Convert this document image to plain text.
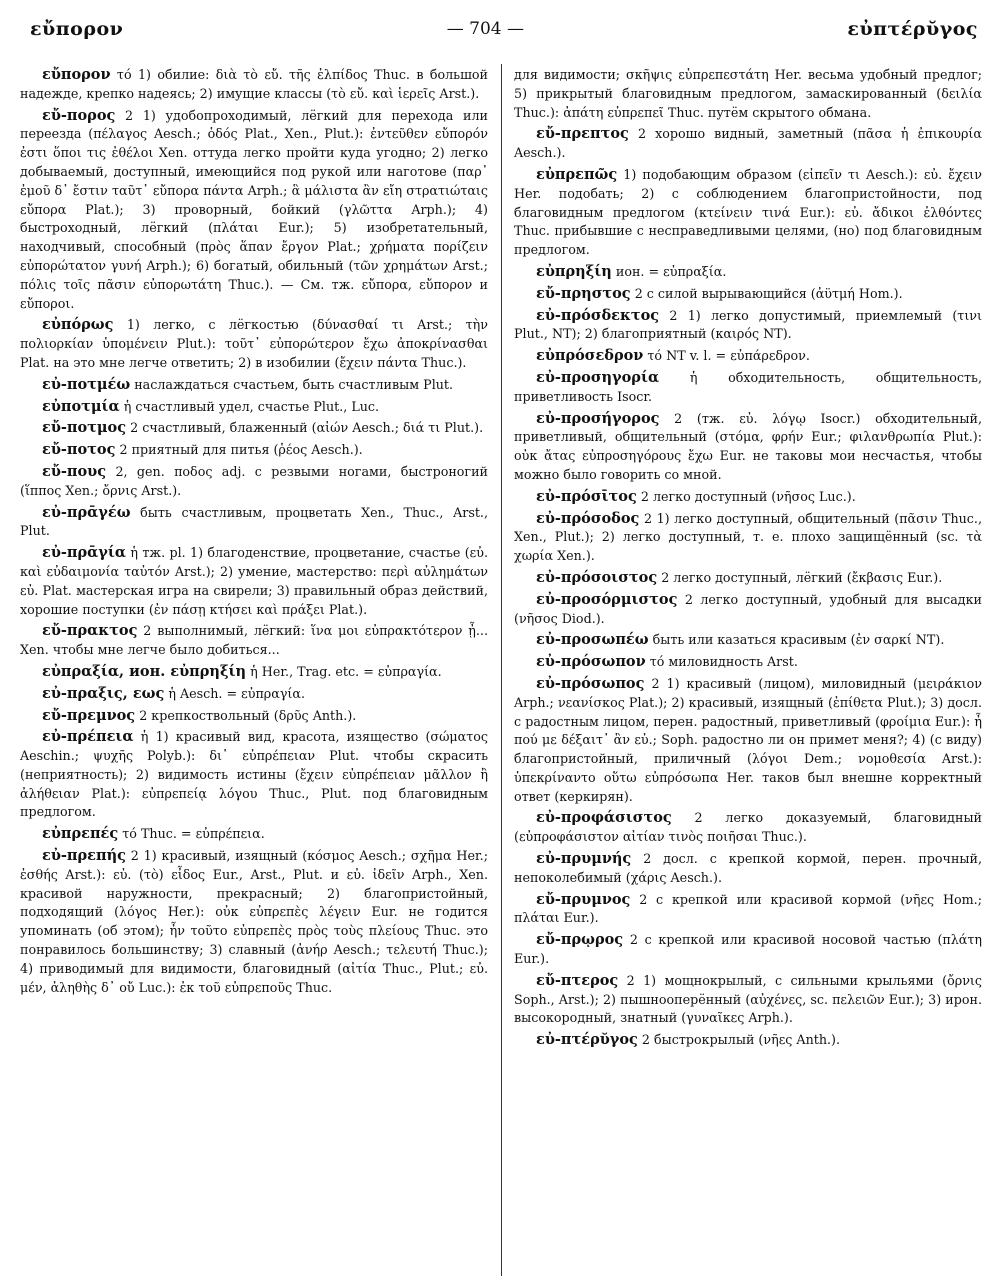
εὔπορον	— 704 —	εὐπτέρῠγος

εὔπορον τό 1) обилие: διὰ τὸ εὔ. τῆς ἐλπίδος Thuc. в большой надежде, крепко надеясь; 2) имущие классы (τὸ εὔ. καὶ ἱερεῖς Arst.).

εὔ-πορος 2 1) удобопроходимый, лёгкий для перехода или переезда (πέλαγος Aesch.; ὁδός Plat., Xen., Plut.): ἐντεῦθεν εὔπορόν ἐστι ὅποι τις ἐθέλοι Xen. оттуда легко пройти куда угодно; 2) легко добываемый, доступный, имеющийся под рукой или наготове (παρ᾽ ἐμοῦ δ᾽ ἔστιν ταῦτ᾽ εὔπορα πάντα Arph.; ἃ μάλιστα ἂν εἴη στρατιώταις εὔπορα Plat.); 3) проворный, бойкий (γλῶττα Arph.); 4) быстроходный, лёгкий (πλάται Eur.); 5) изобретательный, находчивый, способный (πρὸς ἅπαν ἔργον Plat.; χρήματα πορίζειν εὐπορώτατον γυνή Arph.); 6) богатый, обильный (τῶν χρημάτων Arst.; πόλις τοῖς πᾶσιν εὐπορωτάτη Thuc.). — См. тж. εὔπορα, εὔπορον и εὔποροι.

εὐπόρως 1) легко, с лёгкостью (δύνασθαί τι Arst.; τὴν πολιορκίαν ὑπομένειν Plut.): τοῦτ᾽ εὐπορώτερον ἔχω ἀποκρίνασθαι Plat. на это мне легче ответить; 2) в изобилии (ἔχειν πάντα Thuc.).

εὐ-ποτμέω наслаждаться счастьем, быть счастливым Plut.

εὐποτμία ἡ счастливый удел, счастье Plut., Luc.

εὔ-ποτμος 2 счастливый, блаженный (αἰών Aesch.; διά τι Plut.).

εὔ-ποτος 2 приятный для питья (ῥέος Aesch.).

εὔ-πους 2, gen. ποδος adj. с резвыми ногами, быстроногий (ἵππος Xen.; ὄρνις Arst.).

εὐ-πρᾱγέω быть счастливым, процветать Xen., Thuc., Arst., Plut.

εὐ-πρᾱγία ἡ тж. pl. 1) благоденствие, процветание, счастье (εὐ. καὶ εὐδαιμονία ταὐτόν Arst.); 2) умение, мастерство: περὶ αὐλημάτων εὐ. Plat. мастерская игра на свирели; 3) правильный образ действий, хорошие поступки (ἐν πάσῃ κτήσει καὶ πράξει Plat.).

εὔ-πρακτος 2 выполнимый, лёгкий: ἵνα μοι εὐπρακτότερον ᾖ... Xen. чтобы мне легче было добиться...

εὐπραξία, ион. εὐπρηξίη ἡ Her., Trag. etc. = εὐπραγία.

εὐ-πραξις, εως ἡ Aesch. = εὐπραγία.

εὔ-πρεμνος 2 крепкоствольный (δρῦς Anth.).

εὐ-πρέπεια ἡ 1) красивый вид, красота, изящество (σώματος Aeschin.; ψυχῆς Polyb.): δι᾽ εὐπρέπειαν Plut. чтобы скрасить (неприятность); 2) видимость истины (ἔχειν εὐπρέπειαν μᾶλλον ἢ ἀλήθειαν Plat.): εὐπρεπείᾳ λόγου Thuc., Plut. под благовидным предлогом.

εὐπρεπές τό Thuc. = εὐπρέπεια.

εὐ-πρεπής 2 1) красивый, изящный (κόσμος Aesch.; σχῆμα Her.; ἐσθής Arst.): εὐ. (τὸ) εἶδος Eur., Arst., Plut. и εὐ. ἰδεῖν Arph., Xen. красивой наружности, прекрасный; 2) благопристойный, подходящий (λόγος Her.): οὐκ εὐπρεπὲς λέγειν Eur. не годится упоминать (об этом); ἦν τοῦτο εὐπρεπὲς πρὸς τοὺς πλείους Thuc. это понравилось большинству; 3) славный (ἀνήρ Aesch.; τελευτή Thuc.); 4) приводимый для видимости, благовидный (αἰτία Thuc., Plut.; εὐ. μέν, ἀληθὴς δ᾽ οὔ Luc.): ἐκ τοῦ εὐπρεποῦς Thuc.

для видимости; σκῆψις εὐπρεπεστάτη Her. весьма удобный предлог; 5) прикрытый благовидным предлогом, замаскированный (δειλία Thuc.): ἀπάτη εὐπρεπεῖ Thuc. путём скрытого обмана.

εὔ-πρεπτος 2 хорошо видный, заметный (πᾶσα ἡ ἐπικουρία Aesch.).

εὐπρεπῶς 1) подобающим образом (εἰπεῖν τι Aesch.): εὐ. ἔχειν Her. подобать; 2) с соблюдением благопристойности, под благовидным предлогом (κτείνειν τινά Eur.): εὐ. ἄδικοι ἐλθόντες Thuc. прибывшие с несправедливыми целями, (но) под благовидным предлогом.

εὐπρηξίη ион. = εὐπραξία.

εὔ-πρηστος 2 с силой вырывающийся (ἀϋτμή Hom.).

εὐ-πρόσδεκτος 2 1) легко допустимый, приемлемый (τινι Plut., NT); 2) благоприятный (καιρός NT).

εὐπρόσεδρον τό NT v. l. = εὐπάρεδρον.

εὐ-προσηγορία ἡ обходительность, общительность, приветливость Isocr.

εὐ-προσήγορος 2 (тж. εὐ. λόγῳ Isocr.) обходительный, приветливый, общительный (στόμα, φρήν Eur.; φιλανθρωπία Plut.): οὐκ ἄτας εὐπροσηγόρους ἔχω Eur. не таковы мои несчастья, чтобы можно было говорить со мной.

εὐ-πρόσῑτος 2 легко доступный (νῆσος Luc.).

εὐ-πρόσοδος 2 1) легко доступный, общительный (πᾶσιν Thuc., Xen., Plut.); 2) легко доступный, т. е. плохо защищённый (sc. τὰ χωρία Xen.).

εὐ-πρόσοιστος 2 легко доступный, лёгкий (ἔκβασις Eur.).

εὐ-προσόρμιστος 2 легко доступный, удобный для высадки (νῆσος Diod.).

εὐ-προσωπέω быть или казаться красивым (ἐν σαρκί NT).

εὐ-πρόσωπον τό миловидность Arst.

εὐ-πρόσωπος 2 1) красивый (лицом), миловидный (μειράκιον Arph.; νεανίσκος Plat.); 2) красивый, изящный (ἐπίθετα Plut.); 3) досл. с радостным лицом, перен. радостный, приветливый (φροίμια Eur.): ἦ πού με δέξαιτ᾽ ἂν εὐ.; Soph. радостно ли он примет меня?; 4) (с виду) благопристойный, приличный (λόγοι Dem.; νομοθεσία Arst.): ὑπεκρίναντο οὕτω εὐπρόσωπα Her. таков был внешне корректный ответ (керкирян).

εὐ-προφάσιστος 2 легко доказуемый, благовидный (εὐπροφάσιστον αἰτίαν τινὸς ποιῆσαι Thuc.).

εὐ-πρυμνής 2 досл. с крепкой кормой, перен. прочный, непоколебимый (χάρις Aesch.).

εὔ-πρυμνος 2 с крепкой или красивой кормой (νῆες Hom.; πλάται Eur.).

εὔ-πρῳρος 2 с крепкой или красивой носовой частью (πλάτη Eur.).

εὔ-πτερος 2 1) мощнокрылый, с сильными крыльями (ὄρνις Soph., Arst.); 2) пышнооперённый (αὐχένες, sc. πελειῶν Eur.); 3) ирон. высокородный, знатный (γυναῖκες Arph.).

εὐ-πτέρῠγος 2 быстрокрылый (νῆες Anth.).
